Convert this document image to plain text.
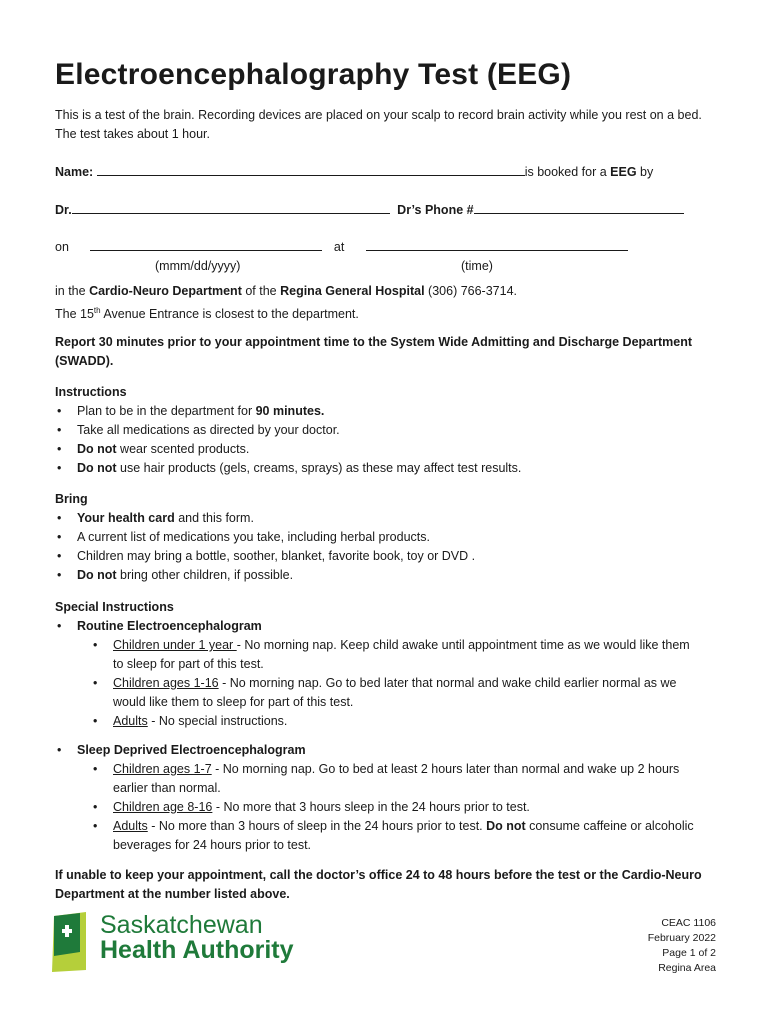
Electroencephalography Test (EEG)
This is a test of the brain. Recording devices are placed on your scalp to record brain activity while you rest on a bed. The test takes about 1 hour.
Name:	is booked for a EEG by
Dr.	Dr’s Phone #
on	at
(mmm/dd/yyyy)	(time)
in the Cardio-Neuro Department of the Regina General Hospital (306) 766-3714.
The 15th Avenue Entrance is closest to the department.
Report 30 minutes prior to your appointment time to the System Wide Admitting and Discharge Department (SWADD).
Instructions
• Plan to be in the department for 90 minutes.
• Take all medications as directed by your doctor.
• Do not wear scented products.
• Do not use hair products (gels, creams, sprays) as these may affect test results.
Bring
• Your health card and this form.
• A current list of medications you take, including herbal products.
• Children may bring a bottle, soother, blanket, favorite book, toy or DVD .
• Do not bring other children, if possible.
Special Instructions
• Routine Electroencephalogram
• Children under 1 year - No morning nap. Keep child awake until appointment time as we would like them to sleep for part of this test.
• Children ages 1-16 - No morning nap. Go to bed later that normal and wake child earlier normal as we would like them to sleep for part of this test.
• Adults - No special instructions.
• Sleep Deprived Electroencephalogram
• Children ages 1-7 - No morning nap. Go to bed at least 2 hours later than normal and wake up 2 hours earlier than normal.
• Children age 8-16 - No more that 3 hours sleep in the 24 hours prior to test.
• Adults - No more than 3 hours of sleep in the 24 hours prior to test. Do not consume caffeine or alcoholic beverages for 24 hours prior to test.
If unable to keep your appointment, call the doctor’s office 24 to 48 hours before the test or the Cardio-Neuro Department at the number listed above.
Saskatchewan
Health Authority
CEAC 1106
February 2022
Page 1 of 2
Regina Area
